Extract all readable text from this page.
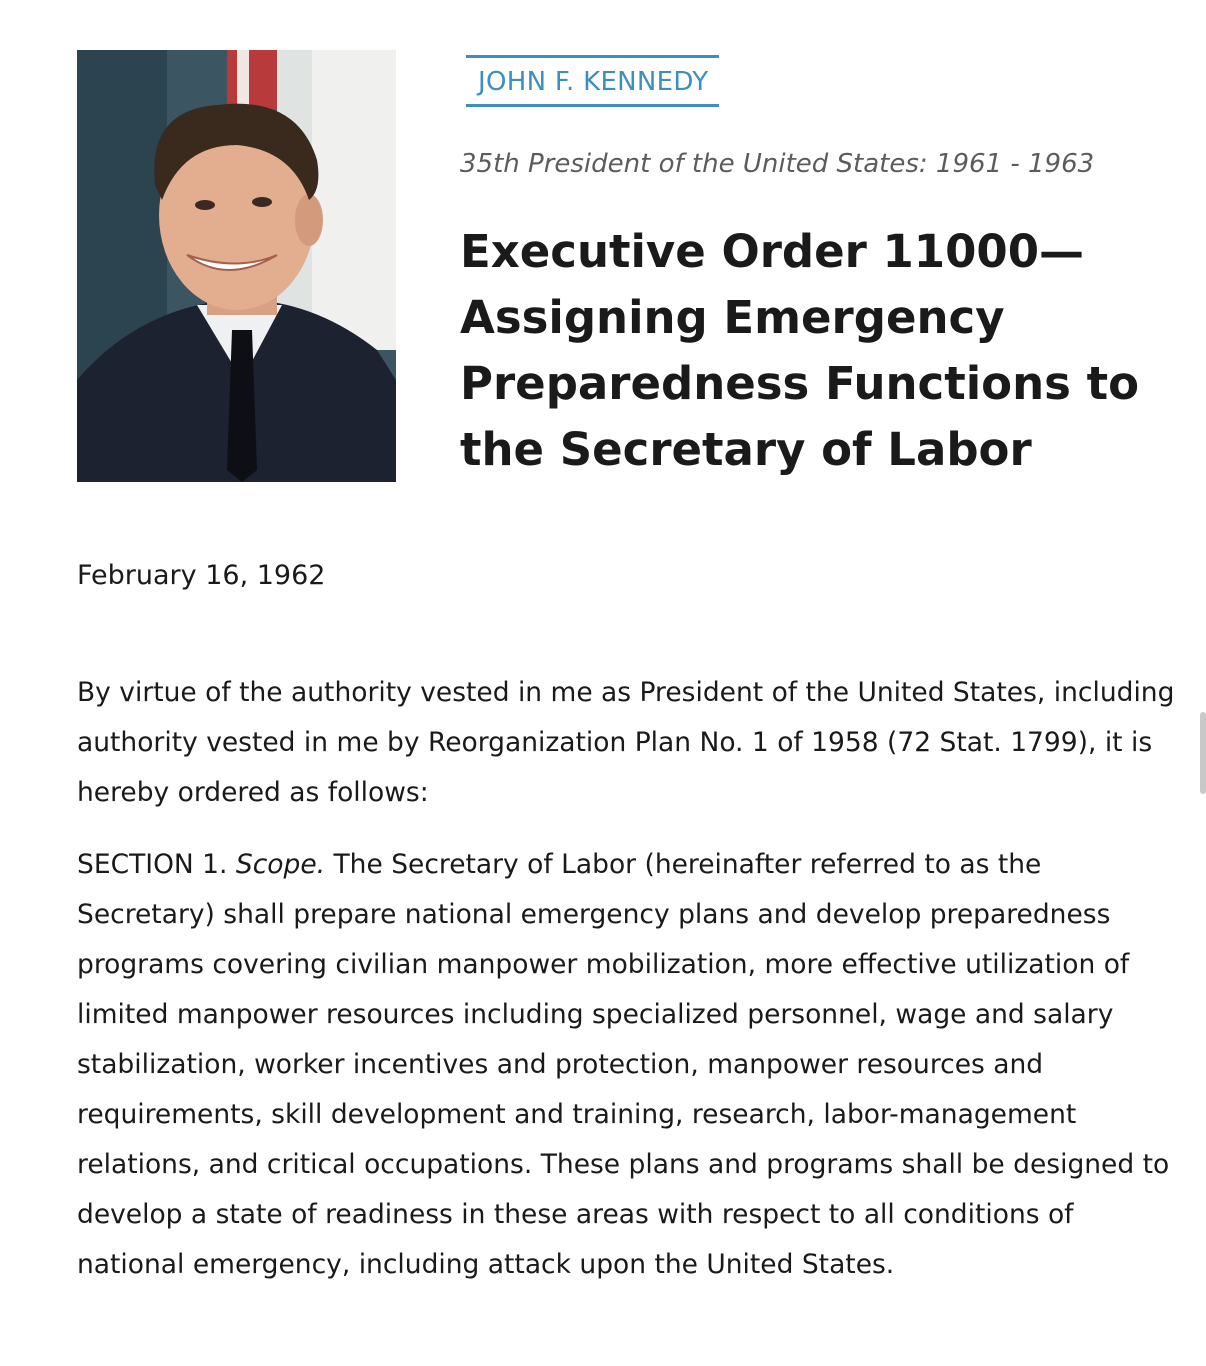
JOHN F. KENNEDY
35th President of the United States: 1961 - 1963
Executive Order 11000—Assigning Emergency Preparedness Functions to the Secretary of Labor
February 16, 1962

By virtue of the authority vested in me as President of the United States, including authority vested in me by Reorganization Plan No. 1 of 1958 (72 Stat. 1799), it is hereby ordered as follows:

SECTION 1. Scope. The Secretary of Labor (hereinafter referred to as the Secretary) shall prepare national emergency plans and develop preparedness programs covering civilian manpower mobilization, more effective utilization of limited manpower resources including specialized personnel, wage and salary stabilization, worker incentives and protection, manpower resources and requirements, skill development and training, research, labor-management relations, and critical occupations. These plans and programs shall be designed to develop a state of readiness in these areas with respect to all conditions of national emergency, including attack upon the United States.
